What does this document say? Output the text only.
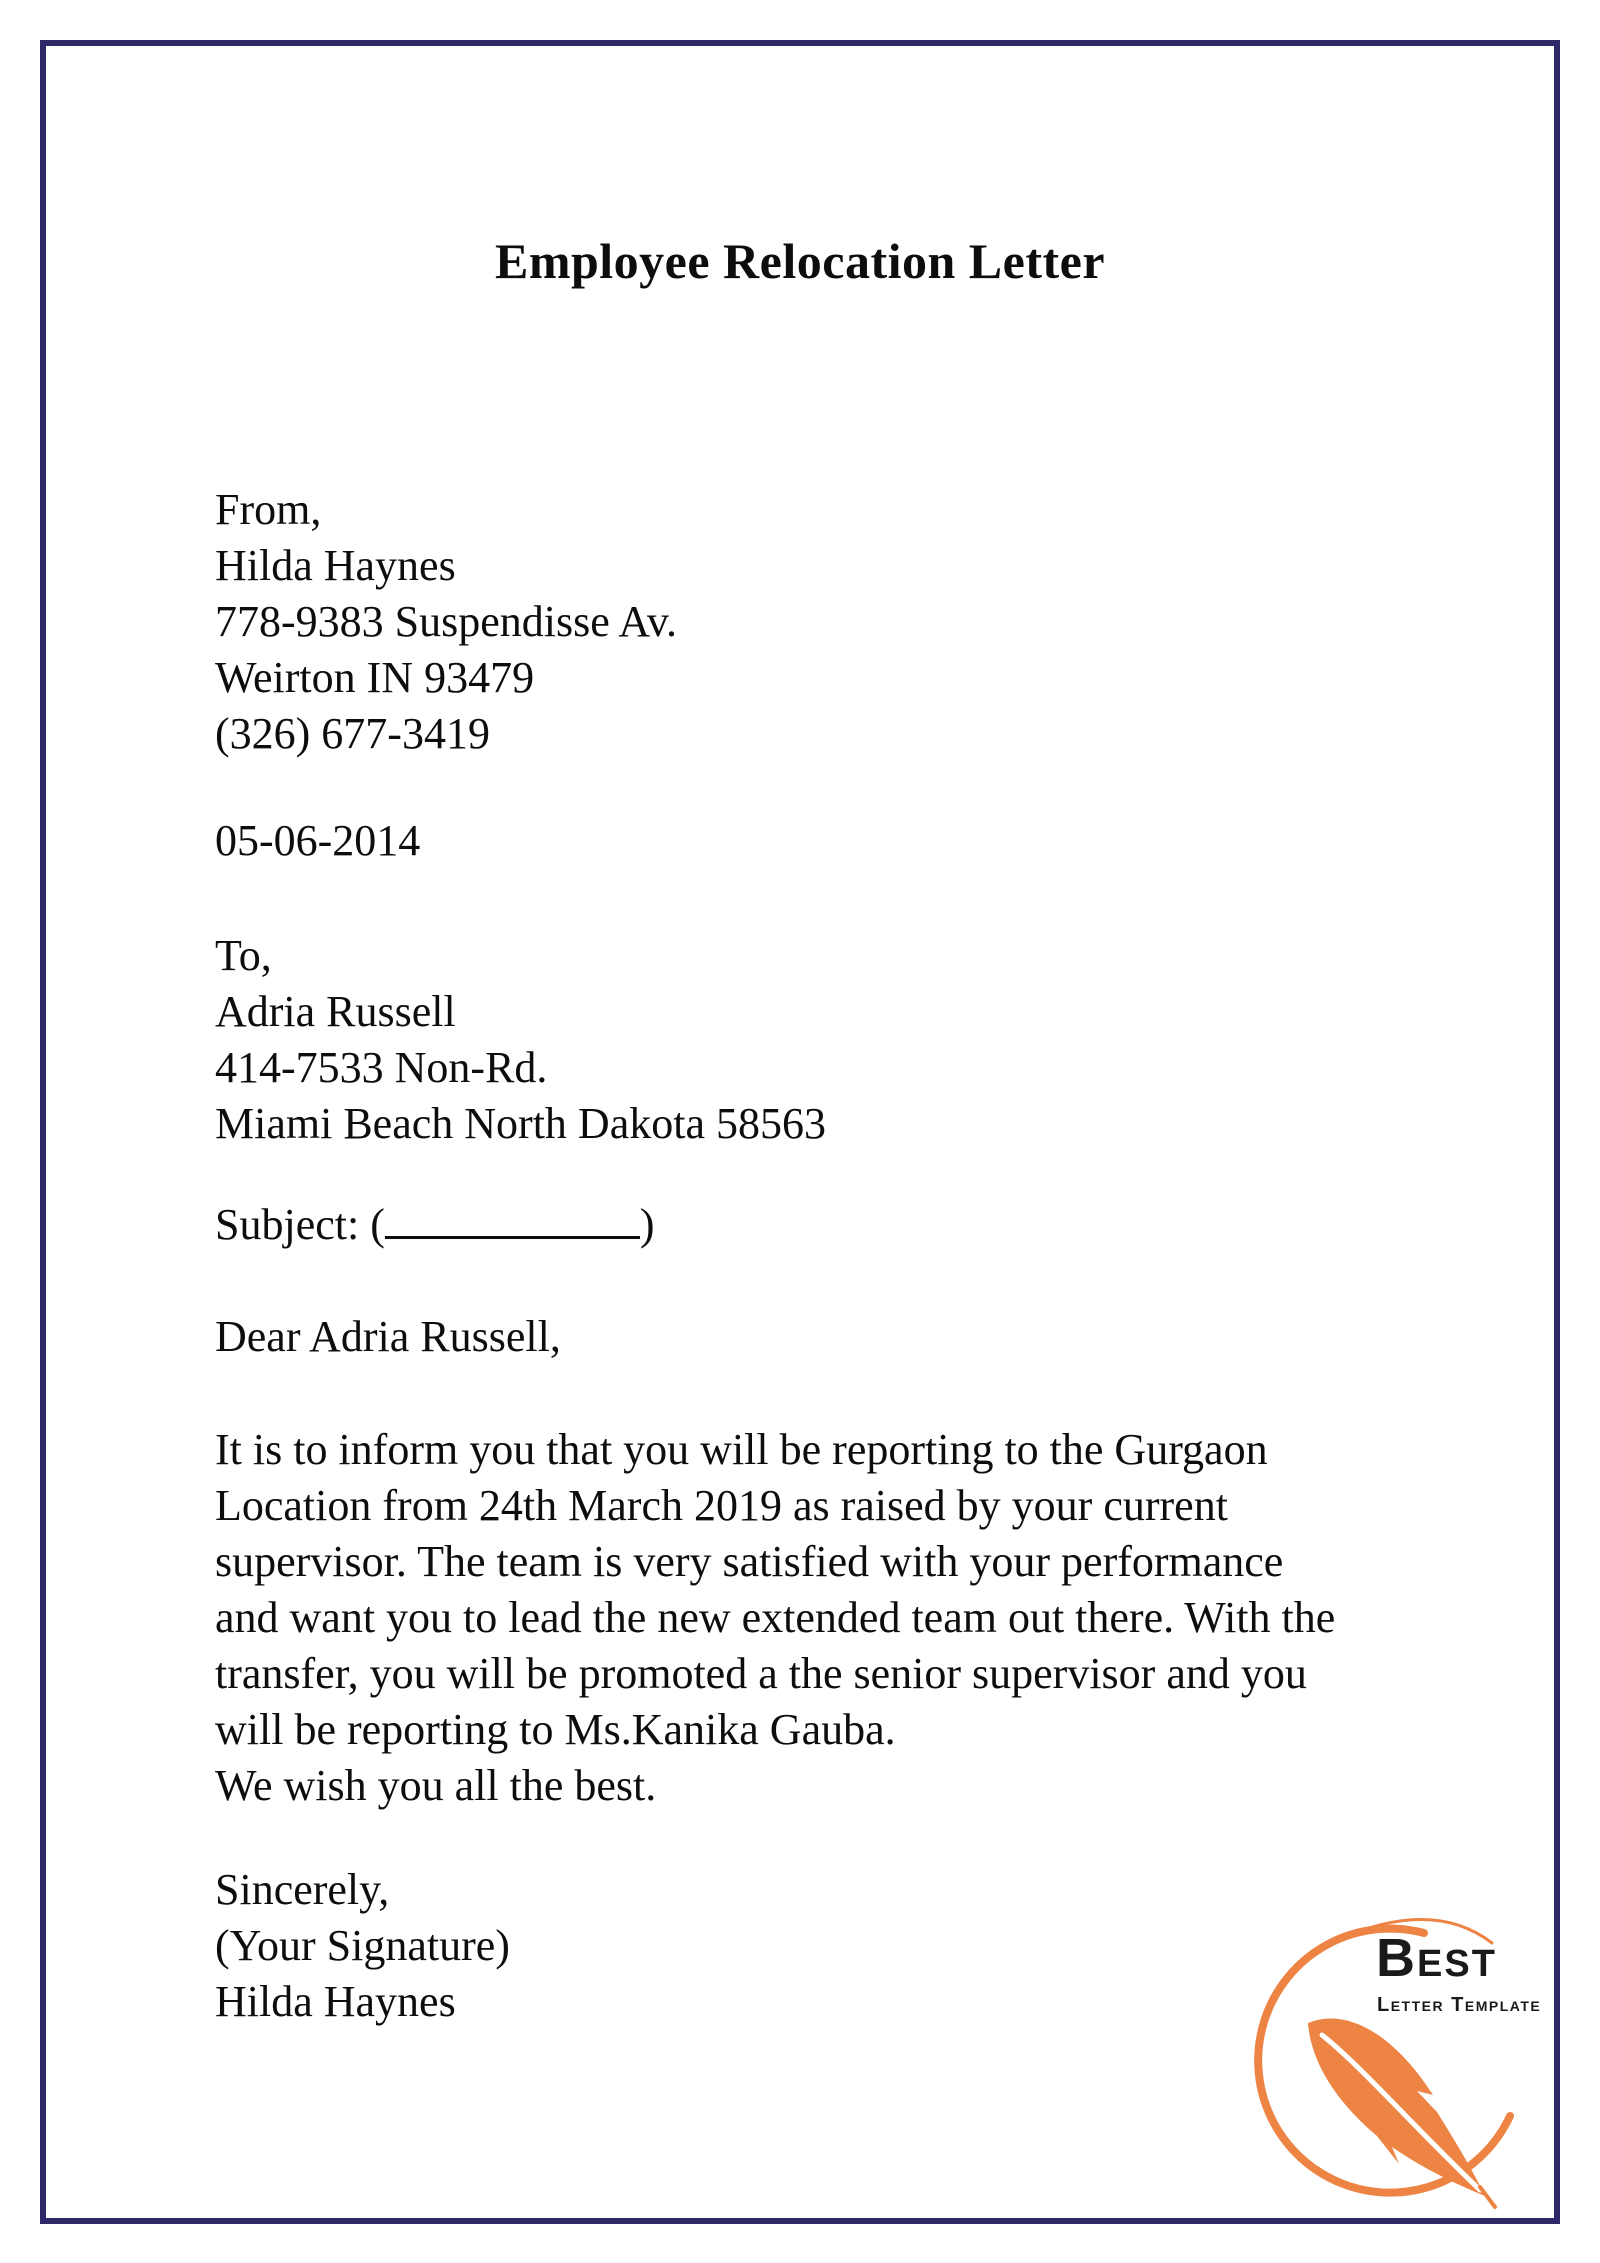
Employee Relocation Letter
From,
Hilda Haynes
778-9383 Suspendisse Av.
Weirton IN 93479
(326) 677-3419
05-06-2014
To,
Adria Russell
414-7533 Non-Rd.
Miami Beach North Dakota 58563
Subject: (	)
Dear Adria Russell,
It is to inform you that you will be reporting to the Gurgaon
Location from 24th March 2019 as raised by your current
supervisor. The team is very satisfied with your performance
and want you to lead the new extended team out there. With the
transfer, you will be promoted a the senior supervisor and you
will be reporting to Ms.Kanika Gauba.
We wish you all the best.
Sincerely,
(Your Signature)
Hilda Haynes
Best
Letter Template
